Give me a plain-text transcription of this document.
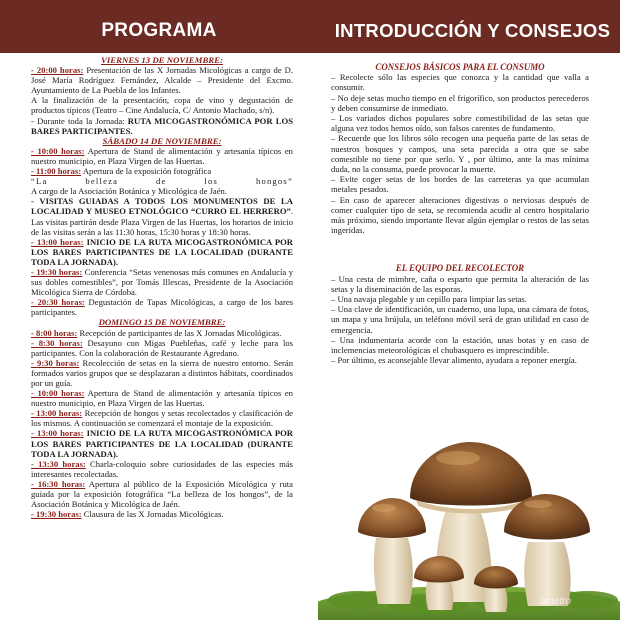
PROGRAMA	INTRODUCCIÓN Y CONSEJOS

VIERNES 13 DE NOVIEMBRE:

- 20:00 horas: Presentación de las X Jornadas Micológicas a cargo de D. José María Rodríguez Fernández, Alcalde – Presidente del Excmo. Ayuntamiento de La Puebla de los Infantes.

A la finalización de la presentación, copa de vino y degustación de productos típicos (Teatro – Cine Andalucía, C/ Antonio Machado, s/n).

- Durante toda la Jornada: RUTA MICOGASTRONÓMICA POR LOS BARES PARTICIPANTES.

SÁBADO 14 DE NOVIEMBRE:

- 10:00 horas: Apertura de Stand de alimentación y artesanía típicos en nuestro municipio, en Plaza Virgen de las Huertas.

- 11:00 horas: Apertura de la exposición fotográfica

“La belleza de los hongos”

A cargo de la Asociación Botánica y Micológica de Jaén.

- VISITAS GUIADAS A TODOS LOS MONUMENTOS DE LA LOCALIDAD Y MUSEO ETNOLÓGICO “CURRO EL HERRERO”. Las visitas partirán desde Plaza Virgen de las Huertas, los horarios de inicio de las visitas serán a las 11:30 horas, 15:30 horas y 18:30 horas.

- 13:00 horas: INICIO DE LA RUTA MICOGASTRONÓMICA POR LOS BARES PARTICIPANTES DE LA LOCALIDAD (DURANTE TODA LA JORNADA).

- 19:30 horas: Conferencia “Setas venenosas más comunes en Andalucía y sus dobles comestibles”, por Tomás Illescas, Presidente de la Asociación Micológica Sierra de Córdoba.

- 20:30 horas: Degustación de Tapas Micológicas, a cargo de los bares participantes.

DOMINGO 15 DE NOVIEMBRE:

- 8:00 horas: Recepción de participantes de las X Jornadas Micológicas.

- 8:30 horas: Desayuno con Migas Puebleñas, café y leche para los participantes. Con la colaboración de Restaurante Agredano.

- 9:30 horas: Recolección de setas en la sierra de nuestro entorno. Serán formados varios grupos que se desplazaran a distintos hábitats, coordinados por un guía.

- 10:00 horas: Apertura de Stand de alimentación y artesanía típicos en nuestro municipio, en Plaza Virgen de las Huertas.

- 13:00 horas: Recepción de hongos y setas recolectados y clasificación de los mismos. A continuación se comenzará el montaje de la exposición.

- 13:00 horas: INICIO DE LA RUTA MICOGASTRONÓMICA POR LOS BARES PARTICIPANTES DE LA LOCALIDAD (DURANTE TODA LA JORNADA).

- 13:30 horas: Charla-coloquio sobre curiosidades de las especies más interesantes recolectadas.

- 16:30 horas: Apertura al público de la Exposición Micológica y ruta guiada por la exposición fotográfica “La belleza de los hongos”, de la Asociación Botánica y Micológica de Jaén.

- 19:30 horas: Clausura de las X Jornadas Micológicas.

CONSEJOS BÁSICOS PARA EL CONSUMO

– Recolecte sólo las especies que conozca y la cantidad que valla a consumir.

– No deje setas mucho tiempo en el frigorífico, son productos perecederos y deben consumirse de inmediato.

– Los variados dichos populares sobre comestibilidad de las setas que alguna vez todos hemos oído, son falsos carentes de fundamento.

– Recuerde que los libros sólo recogen una pequeña parte de las setas de nuestros bosques y campos, una seta parecida a otra que se sabe comestible no tiene por que serlo. Y , por último, ante la mas mínima duda, no la consuma, puede provocar la muerte.

– Evite coger setas de los bordes de las carreteras ya que acumulan metales pesados.

– En caso de aparecer alteraciones digestivas o nerviosas después de comer cualquier tipo de seta, se recomienda acudir al centro hospitalario más próximo, siendo importante llevar algún ejemplar o restos de las setas ingeridas.

EL EQUIPO DEL RECOLECTOR

– Una cesta de mimbre, caña o esparto que permita la alteración de las setas y la diseminación de las esporas.

– Una navaja plegable y un cepillo para limpiar las setas.

– Una clave de identificación, un cuaderno, una lupa, una cámara de fotos, un mapa y una brújula, un teléfono móvil será de gran utilidad en caso de emergencia.

– Una indumentaria acorde con la estación, unas botas y en caso de inclemencias meteorológicas el chubasquero es imprescindible.

– Por último, es aconsejable llevar alimento, ayudara a reponer energía.

ametro
